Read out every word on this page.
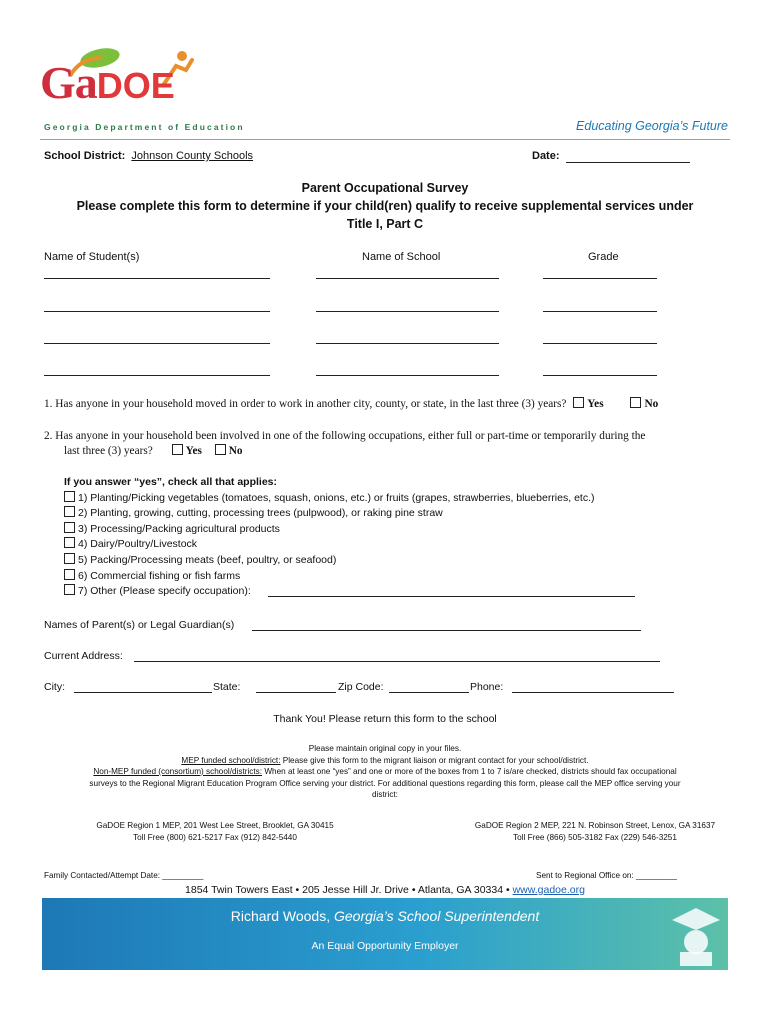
GaDOE
Georgia Department of Education	Educating Georgia’s Future
School District: Johnson County Schools	Date:
Parent Occupational Survey
Please complete this form to determine if your child(ren) qualify to receive supplemental services under
Title I, Part C
Name of Student(s)	Name of School	Grade
1. Has anyone in your household moved in order to work in another city, county, or state, in the last three (3) years? Yes	No
2. Has anyone in your household been involved in one of the following occupations, either full or part-time or temporarily during the
last three (3) years?	Yes No
If you answer “yes”, check all that applies:
1) Planting/Picking vegetables (tomatoes, squash, onions, etc.) or fruits (grapes, strawberries, blueberries, etc.)
2) Planting, growing, cutting, processing trees (pulpwood), or raking pine straw
3) Processing/Packing agricultural products
4) Dairy/Poultry/Livestock
5) Packing/Processing meats (beef, poultry, or seafood)
6) Commercial fishing or fish farms
7) Other (Please specify occupation):
Names of Parent(s) or Legal Guardian(s)
Current Address:
City:	State:	Zip Code:	Phone:
Thank You! Please return this form to the school
Please maintain original copy in your files.
MEP funded school/district: Please give this form to the migrant liaison or migrant contact for your school/district.
Non-MEP funded (consortium) school/districts: When at least one “yes” and one or more of the boxes from 1 to 7 is/are checked, districts should fax occupational
surveys to the Regional Migrant Education Program Office serving your district. For additional questions regarding this form, please call the MEP office serving your
district:
GaDOE Region 1 MEP, 201 West Lee Street, Brooklet, GA 30415
Toll Free (800) 621-5217 Fax (912) 842-5440
GaDOE Region 2 MEP, 221 N. Robinson Street, Lenox, GA 31637
Toll Free (866) 505-3182 Fax (229) 546-3251
Family Contacted/Attempt Date: _________	Sent to Regional Office on: _________
1854 Twin Towers East • 205 Jesse Hill Jr. Drive • Atlanta, GA 30334 • www.gadoe.org
Richard Woods, Georgia’s School Superintendent
An Equal Opportunity Employer
